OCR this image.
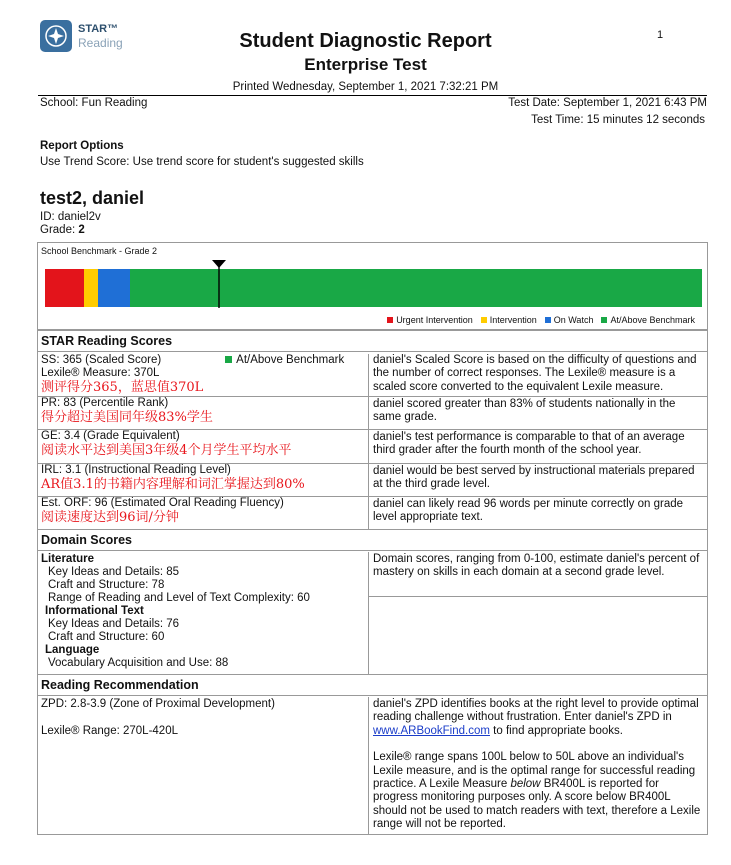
STAR™
Reading
1
Student Diagnostic Report
Enterprise Test
Printed Wednesday, September 1, 2021 7:32:21 PM
School: Fun Reading	Test Date: September 1, 2021 6:43 PM
Test Time: 15 minutes 12 seconds
Report Options
Use Trend Score: Use trend score for student's suggested skills
test2, daniel
ID: daniel2v
Grade: 2
School Benchmark - Grade 2
Urgent Intervention Intervention On Watch At/Above Benchmark
STAR Reading Scores
SS: 365 (Scaled Score)	At/Above Benchmark
Lexile® Measure: 370L
测评得分365，蓝思值370L
daniel's Scaled Score is based on the difficulty of questions and the number of correct responses. The Lexile® measure is a scaled score converted to the equivalent Lexile measure.
PR: 83 (Percentile Rank)
得分超过美国同年级83%学生
daniel scored greater than 83% of students nationally in the same grade.
GE: 3.4 (Grade Equivalent)
阅读水平达到美国3年级4个月学生平均水平
daniel's test performance is comparable to that of an average third grader after the fourth month of the school year.
IRL: 3.1 (Instructional Reading Level)
AR值3.1的书籍内容理解和词汇掌握达到80%
daniel would be best served by instructional materials prepared at the third grade level.
Est. ORF: 96 (Estimated Oral Reading Fluency)
阅读速度达到96词/分钟
daniel can likely read 96 words per minute correctly on grade level appropriate text.
Domain Scores
Literature
Key Ideas and Details: 85
Craft and Structure: 78
Range of Reading and Level of Text Complexity: 60
Informational Text
Key Ideas and Details: 76
Craft and Structure: 60
Language
Vocabulary Acquisition and Use: 88
Domain scores, ranging from 0-100, estimate daniel's percent of mastery on skills in each domain at a second grade level.
Reading Recommendation
ZPD: 2.8-3.9 (Zone of Proximal Development)
Lexile® Range: 270L-420L
daniel's ZPD identifies books at the right level to provide optimal reading challenge without frustration. Enter daniel's ZPD in www.ARBookFind.com to find appropriate books.
Lexile® range spans 100L below to 50L above an individual's Lexile measure, and is the optimal range for successful reading practice. A Lexile Measure below BR400L is reported for progress monitoring purposes only. A score below BR400L should not be used to match readers with text, therefore a Lexile range will not be reported.
